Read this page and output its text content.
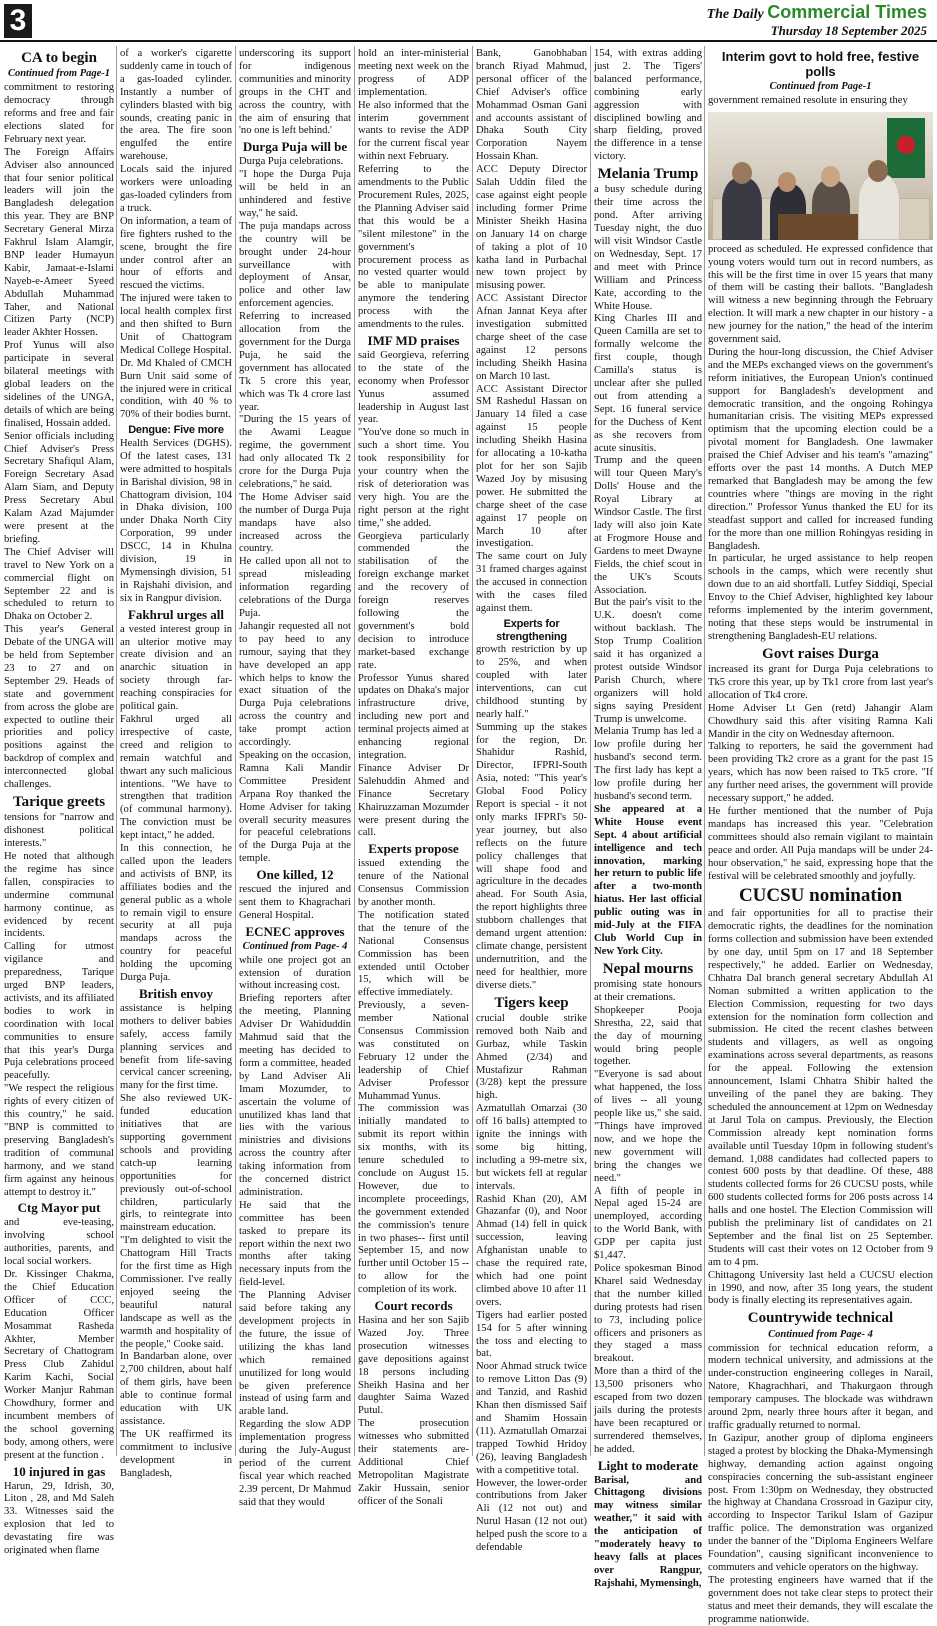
3	The Daily Commercial Times
Thursday 18 September 2025
CA to begin
Continued from Page-1

commitment to restoring democracy through reforms and free and fair elections slated for February next year.

The Foreign Affairs Adviser also announced that four senior political leaders will join the Bangladesh delegation this year. They are BNP Secretary General Mirza Fakhrul Islam Alamgir, BNP leader Humayun Kabir, Jamaat-e-Islami Nayeb-e-Ameer Syeed Abdullah Muhammad Taher, and National Citizen Party (NCP) leader Akhter Hossen.

Prof Yunus will also participate in several bilateral meetings with global leaders on the sidelines of the UNGA, details of which are being finalised, Hossain added.

Senior officials including Chief Adviser's Press Secretary Shafiqul Alam, Foreign Secretary Asad Alam Siam, and Deputy Press Secretary Abul Kalam Azad Majumder were present at the briefing.

The Chief Adviser will travel to New York on a commercial flight on September 22 and is scheduled to return to Dhaka on October 2.

This year's General Debate of the UNGA will be held from September 23 to 27 and on September 29. Heads of state and government from across the globe are expected to outline their priorities and policy positions against the backdrop of complex and interconnected global challenges.

Tarique greets

tensions for "narrow and dishonest political interests."

He noted that although the regime has since fallen, conspiracies to undermine communal harmony continue, as evidenced by recent incidents.

Calling for utmost vigilance and preparedness, Tarique urged BNP leaders, activists, and its affiliated bodies to work in coordination with local communities to ensure that this year's Durga Puja celebrations proceed peacefully.

"We respect the religious rights of every citizen of this country," he said. "BNP is committed to preserving Bangladesh's tradition of communal harmony, and we stand firm against any heinous attempt to destroy it."

Ctg Mayor put

and eve-teasing, involving school authorities, parents, and local social workers.

Dr. Kissinger Chakma, the Chief Education Officer of CCC, Education Officer Mosammat Rasheda Akhter, Member Secretary of Chattogram Press Club Zahidul Karim Kachi, Social Worker Manjur Rahman Chowdhury, former and incumbent members of the school governing body, among others, were present at the function .

10 injured in gas

Harun, 29, Idrish, 30, Liton , 28, and Md Saleh 33. Witnesses said the explosion that led to devastating fire was originated when flame

of a worker's cigarette suddenly came in touch of a gas-loaded cylinder. Instantly a number of cylinders blasted with big sounds, creating panic in the area. The fire soon engulfed the entire warehouse.

Locals said the injured workers were unloading gas-loaded cylinders from a truck.

On information, a team of fire fighters rushed to the scene, brought the fire under control after an hour of efforts and rescued the victims.

The injured were taken to local health complex first and then shifted to Burn Unit of Chattogram Medical College Hospital.

Dr. Md Khaled of CMCH Burn Unit said some of the injured were in critical condition, with 40 % to 70% of their bodies burnt.

Dengue: Five more

Health Services (DGHS). Of the latest cases, 131 were admitted to hospitals in Barishal division, 98 in Chattogram division, 104 in Dhaka division, 100 under Dhaka North City Corporation, 99 under DSCC, 14 in Khulna division, 19 in Mymensingh division, 51 in Rajshahi division, and six in Rangpur division.

Fakhrul urges all

a vested interest group in an ulterior motive may create division and an anarchic situation in society through far-reaching conspiracies for political gain.

Fakhrul urged all irrespective of caste, creed and religion to remain watchful and thwart any such malicious intentions. "We have to strengthen that tradition (of communal harmony). The conviction must be kept intact," he added.

In this connection, he called upon the leaders and activists of BNP, its affiliates bodies and the general public as a whole to remain vigil to ensure security at all puja mandaps across the country for peaceful holding the upcoming Durga Puja.

British envoy

assistance is helping mothers to deliver babies safely, access family planning services and benefit from life-saving cervical cancer screening, many for the first time.

She also reviewed UK-funded education initiatives that are supporting government schools and providing catch-up learning opportunities for previously out-of-school children, particularly girls, to reintegrate into mainstream education.

"I'm delighted to visit the Chattogram Hill Tracts for the first time as High Commissioner. I've really enjoyed seeing the beautiful natural landscape as well as the warmth and hospitality of the people," Cooke said.

In Bandarban alone, over 2,700 children, about half of them girls, have been able to continue formal education with UK assistance.

The UK reaffirmed its commitment to inclusive development in Bangladesh,

underscoring its support for indigenous communities and minority groups in the CHT and across the country, with the aim of ensuring that 'no one is left behind.'

Durga Puja will be

Durga Puja celebrations.

"I hope the Durga Puja will be held in an unhindered and festive way," he said.

The puja mandaps across the country will be brought under 24-hour surveillance with deployment of Ansar, police and other law enforcement agencies.

Referring to increased allocation from the government for the Durga Puja, he said the government has allocated Tk 5 crore this year, which was Tk 4 crore last year.

"During the 15 years of the Awami League regime, the government had only allocated Tk 2 crore for the Durga Puja celebrations," he said.

The Home Adviser said the number of Durga Puja mandaps have also increased across the country.

He called upon all not to spread misleading information regarding celebrations of the Durga Puja.

Jahangir requested all not to pay heed to any rumour, saying that they have developed an app which helps to know the exact situation of the Durga Puja celebrations across the country and take prompt action accordingly.

Speaking on the occasion, Ramna Kali Mandir Committee President Arpana Roy thanked the Home Adviser for taking overall security measures for peaceful celebrations of the Durga Puja at the temple.

One killed, 12

rescued the injured and sent them to Khagrachari General Hospital.

ECNEC approves
Continued from Page- 4

while one project got an extension of duration without increasing cost.

Briefing reporters after the meeting, Planning Adviser Dr Wahiduddin Mahmud said that the meeting has decided to form a committee, headed by Land Adviser Ali Imam Mozumder, to ascertain the volume of unutilized khas land that lies with the various ministries and divisions across the country after taking information from the concerned district administration.

He said that the committee has been tasked to prepare its report within the next two months after taking necessary inputs from the field-level.

The Planning Adviser said before taking any development projects in the future, the issue of utilizing the khas land which remained unutilized for long would be given preference instead of using farm and arable land.

Regarding the slow ADP implementation progress during the July-August period of the current fiscal year which reached 2.39 percent, Dr Mahmud said that they would

hold an inter-ministerial meeting next week on the progress of ADP implementation.

He also informed that the interim government wants to revise the ADP for the current fiscal year within next February.

Referring to the amendments to the Public Procurement Rules, 2025, the Planning Adviser said that this would be a "silent milestone" in the government's procurement process as no vested quarter would be able to manipulate anymore the tendering process with the amendments to the rules.

IMF MD praises

said Georgieva, referring to the state of the economy when Professor Yunus assumed leadership in August last year.

"You've done so much in such a short time. You took responsibility for your country when the risk of deterioration was very high. You are the right person at the right time," she added.

Georgieva particularly commended the stabilisation of the foreign exchange market and the recovery of foreign reserves following the government's bold decision to introduce market-based exchange rate.

Professor Yunus shared updates on Dhaka's major infrastructure drive, including new port and terminal projects aimed at enhancing regional integration.

Finance Adviser Dr Salehuddin Ahmed and Finance Secretary Khairuzzaman Mozumder were present during the call.

Experts propose

issued extending the tenure of the National Consensus Commission by another month.

The notification stated that the tenure of the National Consensus Commission has been extended until October 15, which will be effective immediately.

Previously, a seven-member National Consensus Commission was constituted on February 12 under the leadership of Chief Adviser Professor Muhammad Yunus.

The commission was initially mandated to submit its report within six months, with its tenure scheduled to conclude on August 15. However, due to incomplete proceedings, the government extended the commission's tenure in two phases-- first until September 15, and now further until October 15 --to allow for the completion of its work.

Court records

Hasina and her son Sajib Wazed Joy. Three prosecution witnesses gave depositions against 18 persons including Sheikh Hasina and her daughter Saima Wazed Putul.

The prosecution witnesses who submitted their statements are- Additional Chief Metropolitan Magistrate Zakir Hussain, senior officer of the Sonali

Bank, Ganobhaban branch Riyad Mahmud, personal officer of the Chief Adviser's office Mohammad Osman Gani and accounts assistant of Dhaka South City Corporation Nayem Hossain Khan.

ACC Deputy Director Salah Uddin filed the case against eight people including former Prime Minister Sheikh Hasina on January 14 on charge of taking a plot of 10 katha land in Purbachal new town project by misusing power.

ACC Assistant Director Afnan Jannat Keya after investigation submitted charge sheet of the case against 12 persons including Sheikh Hasina on March 10 last.

ACC Assistant Director SM Rashedul Hassan on January 14 filed a case against 15 people including Sheikh Hasina for allocating a 10-katha plot for her son Sajib Wazed Joy by misusing power. He submitted the charge sheet of the case against 17 people on March 10 after investigation.

The same court on July 31 framed charges against the accused in connection with the cases filed against them.

Experts for strengthening

growth restriction by up to 25%, and when coupled with later interventions, can cut childhood stunting by nearly half."

Summing up the stakes for the region, Dr. Shahidur Rashid, Director, IFPRI-South Asia, noted: "This year's Global Food Policy Report is special - it not only marks IFPRI's 50-year journey, but also reflects on the future policy challenges that will shape food and agriculture in the decades ahead. For South Asia, the report highlights three stubborn challenges that demand urgent attention: climate change, persistent undernutrition, and the need for healthier, more diverse diets."

Tigers keep

crucial double strike removed both Naib and Gurbaz, while Taskin Ahmed (2/34) and Mustafizur Rahman (3/28) kept the pressure high.

Azmatullah Omarzai (30 off 16 balls) attempted to ignite the innings with some big hitting, including a 99-metre six, but wickets fell at regular intervals.

Rashid Khan (20), AM Ghazanfar (0), and Noor Ahmad (14) fell in quick succession, leaving Afghanistan unable to chase the required rate, which had one point climbed above 10 after 11 overs.

Tigers had earlier posted 154 for 5 after winning the toss and electing to bat.

Noor Ahmad struck twice to remove Litton Das (9) and Tanzid, and Rashid Khan then dismissed Saif and Shamim Hossain (11). Azmatullah Omarzai trapped Towhid Hridoy (26), leaving Bangladesh with a competitive total.

However, the lower-order contributions from Jaker Ali (12 not out) and Nurul Hasan (12 not out) helped push the score to a defendable

154, with extras adding just 2. The Tigers' balanced performance, combining early aggression with disciplined bowling and sharp fielding, proved the difference in a tense victory.

Melania Trump

a busy schedule during their time across the pond. After arriving Tuesday night, the duo will visit Windsor Castle on Wednesday, Sept. 17 and meet with Prince William and Princess Kate, according to the White House.

King Charles III and Queen Camilla are set to formally welcome the first couple, though Camilla's status is unclear after she pulled out from attending a Sept. 16 funeral service for the Duchess of Kent as she recovers from acute sinusitis.

Trump and the queen will tour Queen Mary's Dolls' House and the Royal Library at Windsor Castle. The first lady will also join Kate at Frogmore House and Gardens to meet Dwayne Fields, the chief scout in the UK's Scouts Association.

But the pair's visit to the U.K. doesn't come without backlash. The Stop Trump Coalition said it has organized a protest outside Windsor Parish Church, where organizers will hold signs saying President Trump is unwelcome.

Melania Trump has led a low profile during her husband's second term. The first lady has kept a low profile during her husband's second term.

She appeared at a White House event Sept. 4 about artificial intelligence and tech innovation, marking her return to public life after a two-month hiatus. Her last official public outing was in mid-July at the FIFA Club World Cup in New York City.

Nepal mourns

promising state honours at their cremations.

Shopkeeper Pooja Shrestha, 22, said that the day of mourning would bring people together.

"Everyone is sad about what happened, the loss of lives -- all young people like us," she said. "Things have improved now, and we hope the new government will bring the changes we need."

A fifth of people in Nepal aged 15-24 are unemployed, according to the World Bank, with GDP per capita just $1,447.

Police spokesman Binod Kharel said Wednesday that the number killed during protests had risen to 73, including police officers and prisoners as they staged a mass breakout.

More than a third of the 13,500 prisoners who escaped from two dozen jails during the protests have been recaptured or surrendered themselves, he added.

Light to moderate

Barisal, and Chittagong divisions may witness similar weather," it said with the anticipation of "moderately heavy to heavy falls at places over Rangpur, Rajshahi, Mymensingh,

Interim govt to hold free, festive polls
Continued from Page-1

government remained resolute in ensuring they

proceed as scheduled. He expressed confidence that young voters would turn out in record numbers, as this will be the first time in over 15 years that many of them will be casting their ballots. "Bangladesh will witness a new beginning through the February election. It will mark a new chapter in our history - a new journey for the nation," the head of the interim government said.

During the hour-long discussion, the Chief Adviser and the MEPs exchanged views on the government's reform initiatives, the European Union's continued support for Bangladesh's development and democratic transition, and the ongoing Rohingya humanitarian crisis. The visiting MEPs expressed optimism that the upcoming election could be a pivotal moment for Bangladesh. One lawmaker praised the Chief Adviser and his team's "amazing" efforts over the past 14 months. A Dutch MEP remarked that Bangladesh may be among the few countries where "things are moving in the right direction." Professor Yunus thanked the EU for its steadfast support and called for increased funding for the more than one million Rohingyas residing in Bangladesh.

In particular, he urged assistance to help reopen schools in the camps, which were recently shut down due to an aid shortfall. Lutfey Siddiqi, Special Envoy to the Chief Adviser, highlighted key labour reforms implemented by the interim government, noting that these steps would be instrumental in strengthening Bangladesh-EU relations.

Govt raises Durga

increased its grant for Durga Puja celebrations to Tk5 crore this year, up by Tk1 crore from last year's allocation of Tk4 crore.

Home Adviser Lt Gen (retd) Jahangir Alam Chowdhury said this after visiting Ramna Kali Mandir in the city on Wednesday afternoon.

Talking to reporters, he said the government had been providing Tk2 crore as a grant for the past 15 years, which has now been raised to Tk5 crore. "If any further need arises, the government will provide necessary support," he added.

He further mentioned that the number of Puja mandaps has increased this year. "Celebration committees should also remain vigilant to maintain peace and order. All Puja mandaps will be under 24-hour observation," he said, expressing hope that the festival will be celebrated smoothly and joyfully.

CUCSU nomination

and fair opportunities for all to practise their democratic rights, the deadlines for the nomination forms collection and submission have been extended by one day, until 5pm on 17 and 18 September respectively," he added. Earlier on Wednesday, Chhatra Dal branch general secretary Abdullah Al Noman submitted a written application to the Election Commission, requesting for two days extension for the nomination form collection and submission. He cited the recent clashes between students and villagers, as well as ongoing examinations across several departments, as reasons for the appeal. Following the extension announcement, Islami Chhatra Shibir halted the unveiling of the panel they are baking. They scheduled the announcement at 12pm on Wednesday at Jarul Tola on campus. Previously, the Election Commission already kept nomination forms available until Tuesday 10pm in following student's demand. 1,088 candidates had collected papers to contest 600 posts by that deadline. Of these, 488 students collected forms for 26 CUCSU posts, while 600 students collected forms for 206 posts across 14 halls and one hostel. The Election Commission will publish the preliminary list of candidates on 21 September and the final list on 25 September. Students will cast their votes on 12 October from 9 am to 4 pm.

Chittagong University last held a CUCSU election in 1990, and now, after 35 long years, the student body is finally electing its representatives again.

Countrywide technical
Continued from Page- 4

commission for technical education reform, a modern technical university, and admissions at the under-construction engineering colleges in Narail, Natore, Khagrachhari, and Thakurgaon through temporary campuses. The blockade was withdrawn around 2pm, nearly three hours after it began, and traffic gradually returned to normal.

In Gazipur, another group of diploma engineers staged a protest by blocking the Dhaka-Mymensingh highway, demanding action against ongoing conspiracies concerning the sub-assistant engineer post. From 1:30pm on Wednesday, they obstructed the highway at Chandana Crossroad in Gazipur city, according to Inspector Tarikul Islam of Gazipur traffic police. The demonstration was organized under the banner of the "Diploma Engineers Welfare Foundation", causing significant inconvenience to commuters and vehicle operators on the highway.

The protesting engineers have warned that if the government does not take clear steps to protect their status and meet their demands, they will escalate the programme nationwide.
